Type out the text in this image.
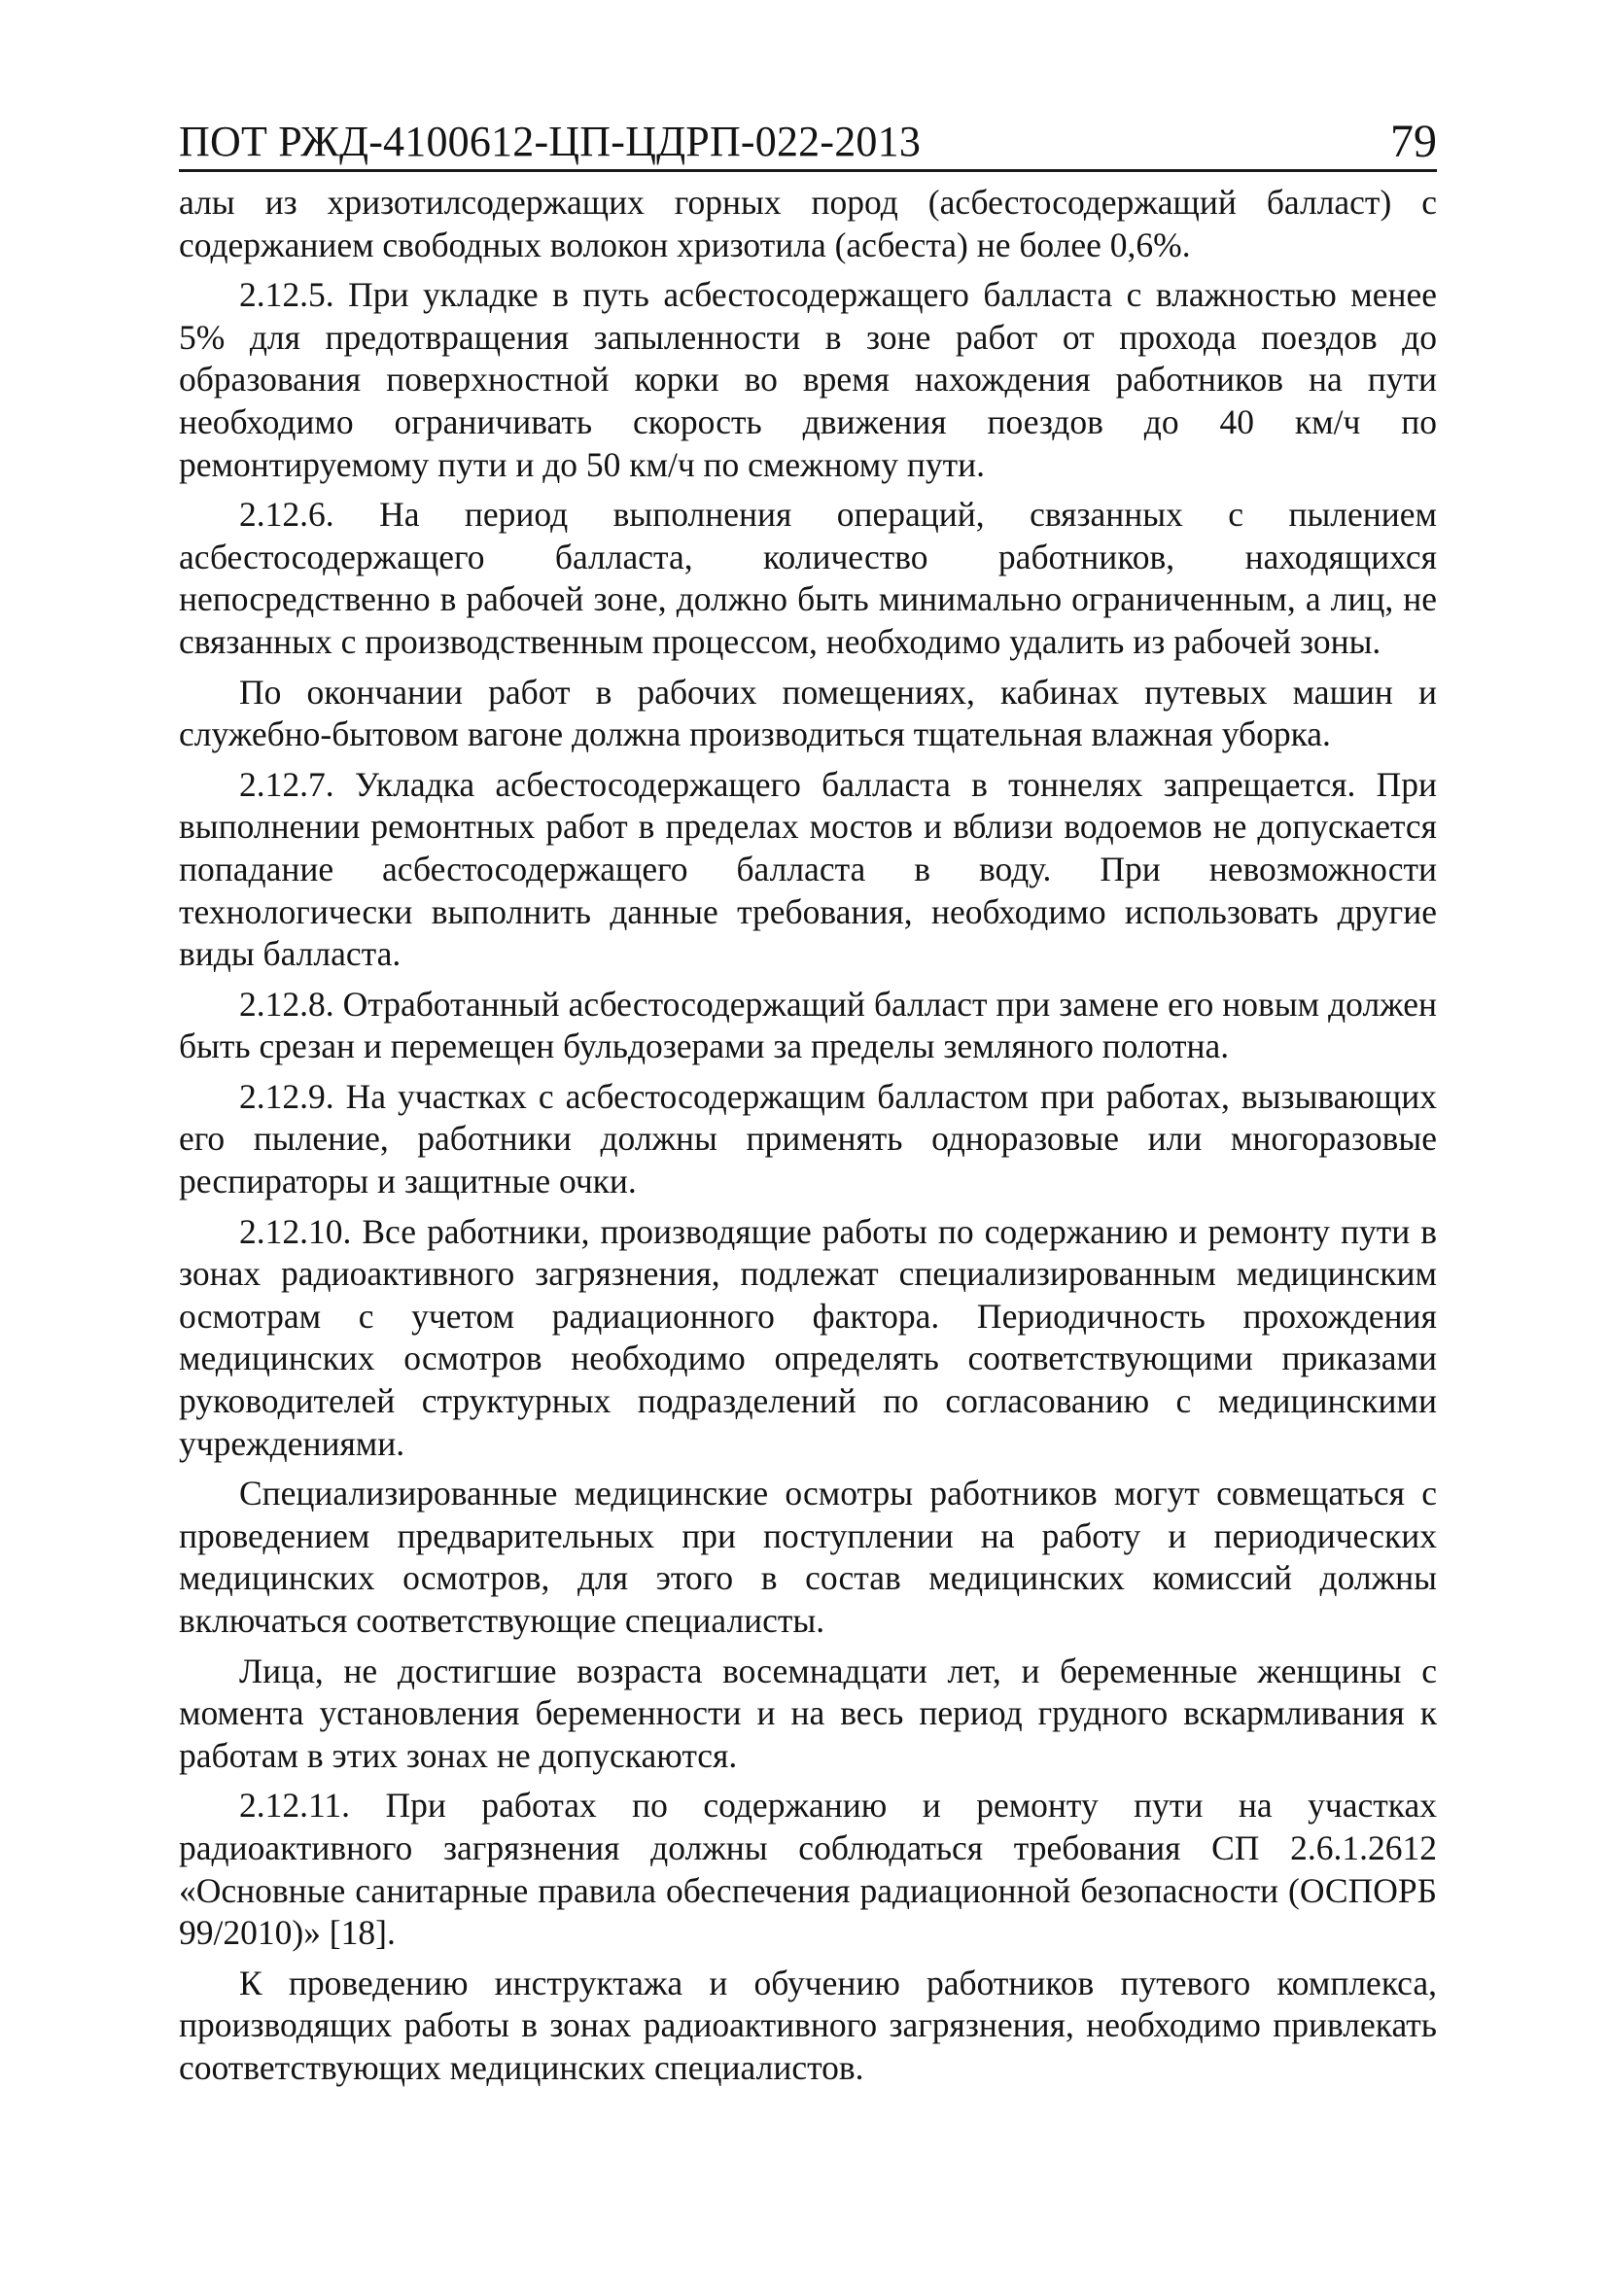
ПОТ РЖД-4100612-ЦП-ЦДРП-022-2013	79

алы из хризотилсодержащих горных пород (асбестосодержащий балласт) с содержанием свободных волокон хризотила (асбеста) не более 0,6%.

2.12.5. При укладке в путь асбестосодержащего балласта с влажностью менее 5% для предотвращения запыленности в зоне работ от прохода поездов до образования поверхностной корки во время нахождения работников на пути необходимо ограничивать скорость движения поездов до 40 км/ч по ремонтируемому пути и до 50 км/ч по смежному пути.

2.12.6. На период выполнения операций, связанных с пылением асбестосодержащего балласта, количество работников, находящихся непосредственно в рабочей зоне, должно быть минимально ограниченным, а лиц, не связанных с производственным процессом, необходимо удалить из рабочей зоны.

По окончании работ в рабочих помещениях, кабинах путевых машин и служебно-бытовом вагоне должна производиться тщательная влажная уборка.

2.12.7. Укладка асбестосодержащего балласта в тоннелях запрещается. При выполнении ремонтных работ в пределах мостов и вблизи водоемов не допускается попадание асбестосодержащего балласта в воду. При невозможности технологически выполнить данные требования, необходимо использовать другие виды балласта.

2.12.8. Отработанный асбестосодержащий балласт при замене его новым должен быть срезан и перемещен бульдозерами за пределы земляного полотна.

2.12.9. На участках с асбестосодержащим балластом при работах, вызывающих его пыление, работники должны применять одноразовые или многоразовые респираторы и защитные очки.

2.12.10. Все работники, производящие работы по содержанию и ремонту пути в зонах радиоактивного загрязнения, подлежат специализированным медицинским осмотрам с учетом радиационного фактора. Периодичность прохождения медицинских осмотров необходимо определять соответствующими приказами руководителей структурных подразделений по согласованию с медицинскими учреждениями.

Специализированные медицинские осмотры работников могут совмещаться с проведением предварительных при поступлении на работу и периодических медицинских осмотров, для этого в состав медицинских комиссий должны включаться соответствующие специалисты.

Лица, не достигшие возраста восемнадцати лет, и беременные женщины с момента установления беременности и на весь период грудного вскармливания к работам в этих зонах не допускаются.

2.12.11. При работах по содержанию и ремонту пути на участках радиоактивного загрязнения должны соблюдаться требования СП 2.6.1.2612 «Основные санитарные правила обеспечения радиационной безопасности (ОСПОРБ 99/2010)» [18].

К проведению инструктажа и обучению работников путевого комплекса, производящих работы в зонах радиоактивного загрязнения, необходимо привлекать соответствующих медицинских специалистов.
